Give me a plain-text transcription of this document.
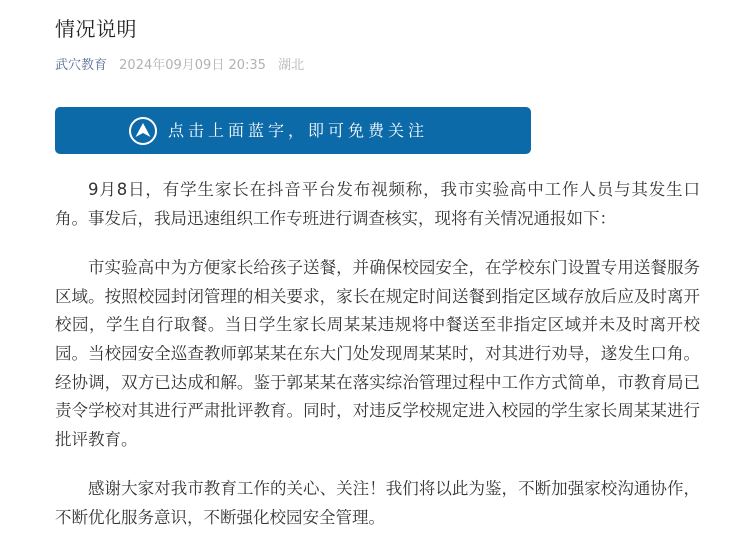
情况说明
武穴教育 2024年09月09日 20:35 湖北
点击上面蓝字，即可免费关注

9月8日，有学生家长在抖音平台发布视频称，我市实验高中工作人员与其发生口角。事发后，我局迅速组织工作专班进行调查核实，现将有关情况通报如下：

市实验高中为方便家长给孩子送餐，并确保校园安全，在学校东门设置专用送餐服务区域。按照校园封闭管理的相关要求，家长在规定时间送餐到指定区域存放后应及时离开校园，学生自行取餐。当日学生家长周某某违规将中餐送至非指定区域并未及时离开校园。当校园安全巡查教师郭某某在东大门处发现周某某时，对其进行劝导，遂发生口角。经协调，双方已达成和解。鉴于郭某某在落实综治管理过程中工作方式简单，市教育局已责令学校对其进行严肃批评教育。同时，对违反学校规定进入校园的学生家长周某某进行批评教育。

感谢大家对我市教育工作的关心、关注！我们将以此为鉴，不断加强家校沟通协作，不断优化服务意识，不断强化校园安全管理。
